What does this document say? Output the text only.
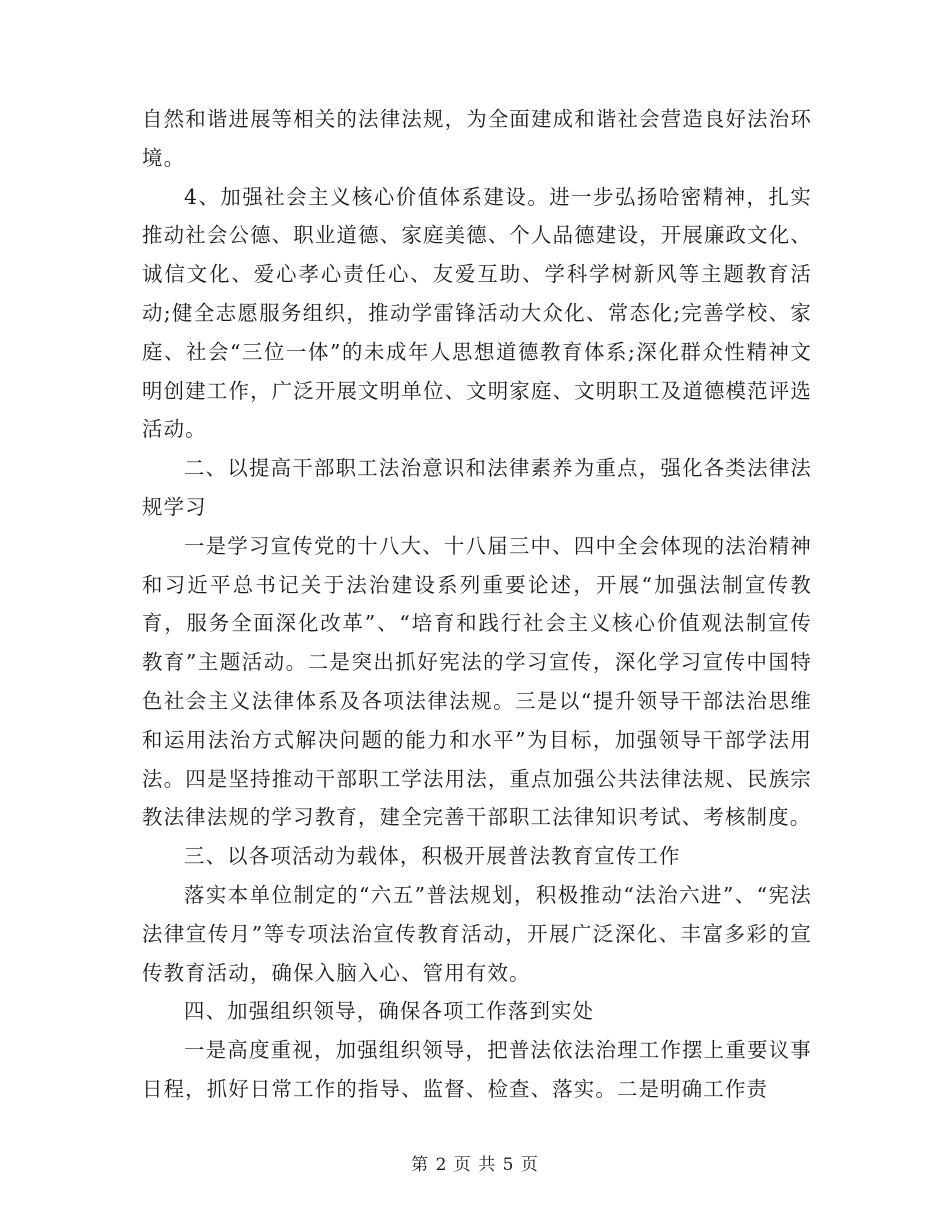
自然和谐进展等相关的法律法规，为全面建成和谐社会营造良好法治环境。

4、加强社会主义核心价值体系建设。进一步弘扬哈密精神，扎实推动社会公德、职业道德、家庭美德、个人品德建设，开展廉政文化、诚信文化、爱心孝心责任心、友爱互助、学科学树新风等主题教育活动;健全志愿服务组织，推动学雷锋活动大众化、常态化;完善学校、家庭、社会“三位一体”的未成年人思想道德教育体系;深化群众性精神文明创建工作，广泛开展文明单位、文明家庭、文明职工及道德模范评选活动。

二、以提高干部职工法治意识和法律素养为重点，强化各类法律法规学习

一是学习宣传党的十八大、十八届三中、四中全会体现的法治精神和习近平总书记关于法治建设系列重要论述，开展“加强法制宣传教育，服务全面深化改革”、“培育和践行社会主义核心价值观法制宣传教育”主题活动。二是突出抓好宪法的学习宣传，深化学习宣传中国特色社会主义法律体系及各项法律法规。三是以“提升领导干部法治思维和运用法治方式解决问题的能力和水平”为目标，加强领导干部学法用法。四是坚持推动干部职工学法用法，重点加强公共法律法规、民族宗教法律法规的学习教育，建全完善干部职工法律知识考试、考核制度。

三、以各项活动为载体，积极开展普法教育宣传工作

落实本单位制定的“六五”普法规划，积极推动“法治六进”、“宪法法律宣传月”等专项法治宣传教育活动，开展广泛深化、丰富多彩的宣传教育活动，确保入脑入心、管用有效。

四、加强组织领导，确保各项工作落到实处

一是高度重视，加强组织领导，把普法依法治理工作摆上重要议事日程，抓好日常工作的指导、监督、检查、落实。二是明确工作责

第 2 页 共 5 页
